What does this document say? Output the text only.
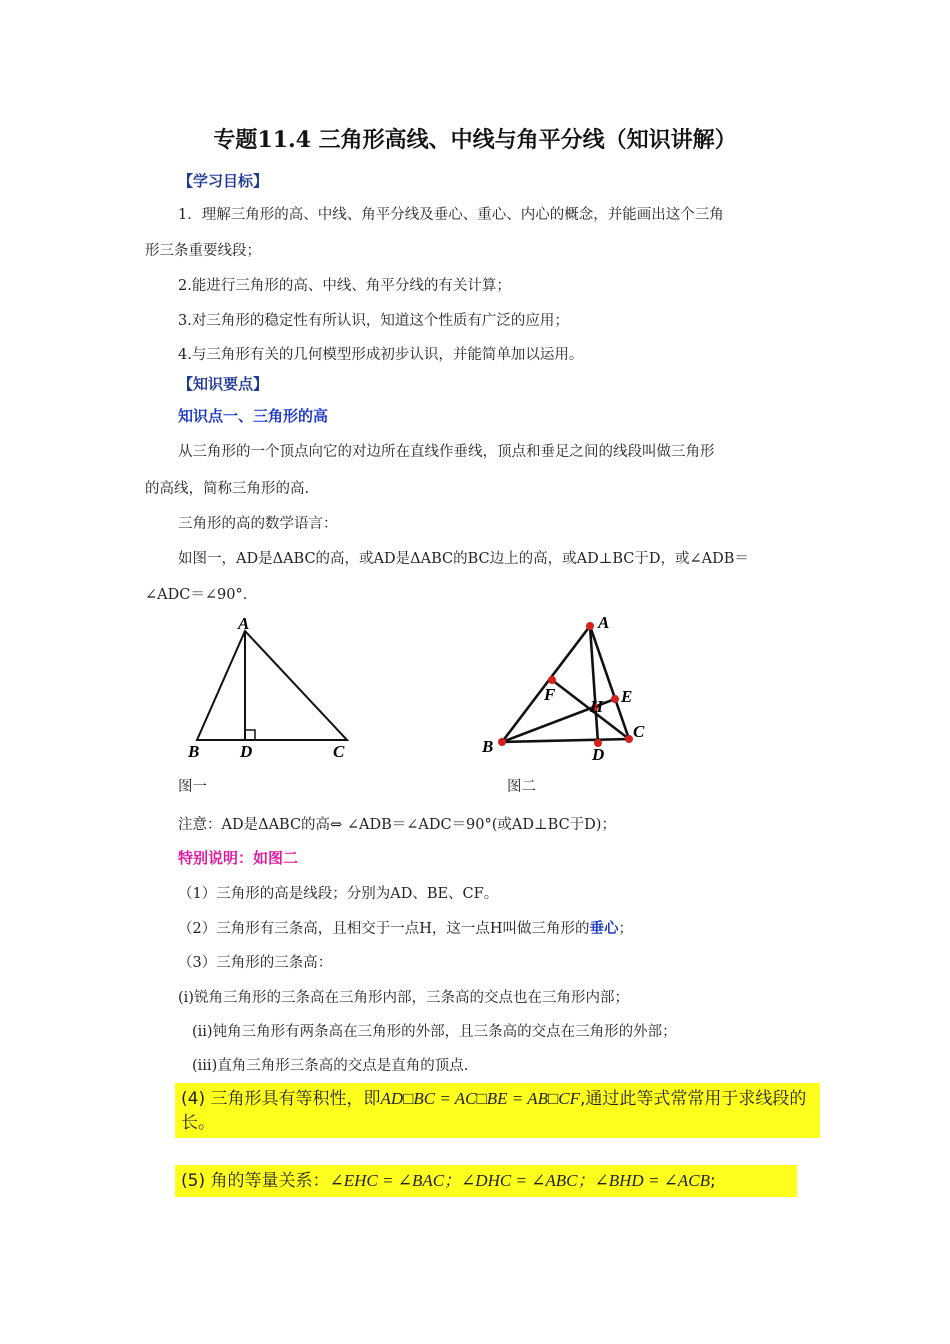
专题11.4 三角形高线、中线与角平分线（知识讲解）
【学习目标】
1．理解三角形的高、中线、角平分线及垂心、重心、内心的概念，并能画出这个三角
形三条重要线段；
2.能进行三角形的高、中线、角平分线的有关计算；
3.对三角形的稳定性有所认识，知道这个性质有广泛的应用；
4.与三角形有关的几何模型形成初步认识，并能简单加以运用。
【知识要点】
知识点一、三角形的高
从三角形的一个顶点向它的对边所在直线作垂线，顶点和垂足之间的线段叫做三角形
的高线，简称三角形的高.
三角形的高的数学语言：
如图一，AD是ΔABC的高，或AD是ΔABC的BC边上的高，或AD⊥BC于D，或∠ADB＝
∠ADC＝∠90°．
A
B D	C
图一
A
B
C
D
E
F
H
图二
注意：AD是ΔABC的高⇔ ∠ADB＝∠ADC＝90°(或AD⊥BC于D)；
特别说明：如图二
（1）三角形的高是线段；分别为AD、BE、CF。
（2）三角形有三条高，且相交于一点H，这一点H叫做三角形的垂心；
（3）三角形的三条高：
(ⅰ)锐角三角形的三条高在三角形内部，三条高的交点也在三角形内部；
(ⅱ)钝角三角形有两条高在三角形的外部，且三条高的交点在三角形的外部；
(ⅲ)直角三角形三条高的交点是直角的顶点.
(4) 三角形具有等积性，即AD□BC = AC□BE = AB□CF,通过此等式常常用于求线段的长。
(5) 角的等量关系：∠EHC = ∠BAC；∠DHC = ∠ABC；∠BHD = ∠ACB;
